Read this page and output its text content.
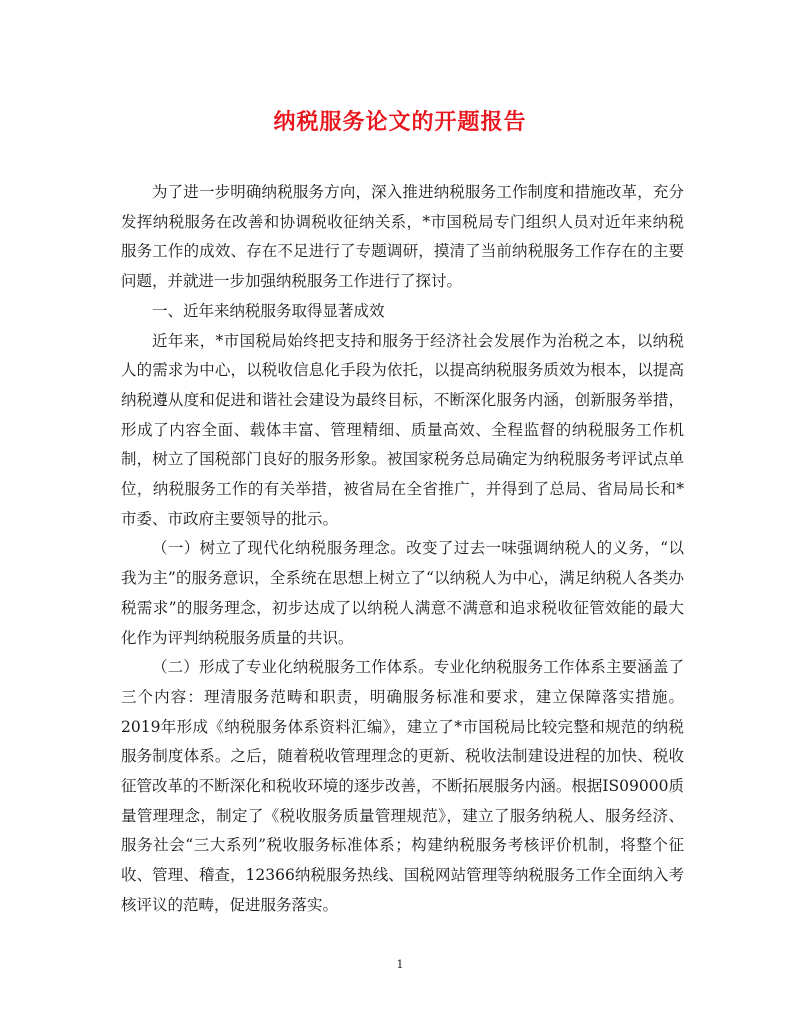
纳税服务论文的开题报告

为了进一步明确纳税服务方向，深入推进纳税服务工作制度和措施改革，充分发挥纳税服务在改善和协调税收征纳关系，*市国税局专门组织人员对近年来纳税服务工作的成效、存在不足进行了专题调研，摸清了当前纳税服务工作存在的主要问题，并就进一步加强纳税服务工作进行了探讨。

一、近年来纳税服务取得显著成效

近年来，*市国税局始终把支持和服务于经济社会发展作为治税之本，以纳税人的需求为中心，以税收信息化手段为依托，以提高纳税服务质效为根本，以提高纳税遵从度和促进和谐社会建设为最终目标，不断深化服务内涵，创新服务举措，形成了内容全面、载体丰富、管理精细、质量高效、全程监督的纳税服务工作机制，树立了国税部门良好的服务形象。被国家税务总局确定为纳税服务考评试点单位，纳税服务工作的有关举措，被省局在全省推广，并得到了总局、省局局长和*市委、市政府主要领导的批示。

（一）树立了现代化纳税服务理念。改变了过去一味强调纳税人的义务，“以我为主”的服务意识，全系统在思想上树立了“以纳税人为中心，满足纳税人各类办税需求”的服务理念，初步达成了以纳税人满意不满意和追求税收征管效能的最大化作为评判纳税服务质量的共识。

（二）形成了专业化纳税服务工作体系。专业化纳税服务工作体系主要涵盖了三个内容：理清服务范畴和职责，明确服务标准和要求，建立保障落实措施。2019年形成《纳税服务体系资料汇编》，建立了*市国税局比较完整和规范的纳税服务制度体系。之后，随着税收管理理念的更新、税收法制建设进程的加快、税收征管改革的不断深化和税收环境的逐步改善，不断拓展服务内涵。根据IS09000质量管理理念，制定了《税收服务质量管理规范》，建立了服务纳税人、服务经济、服务社会“三大系列”税收服务标准体系；构建纳税服务考核评价机制，将整个征收、管理、稽查，12366纳税服务热线、国税网站管理等纳税服务工作全面纳入考核评议的范畴，促进服务落实。

1
